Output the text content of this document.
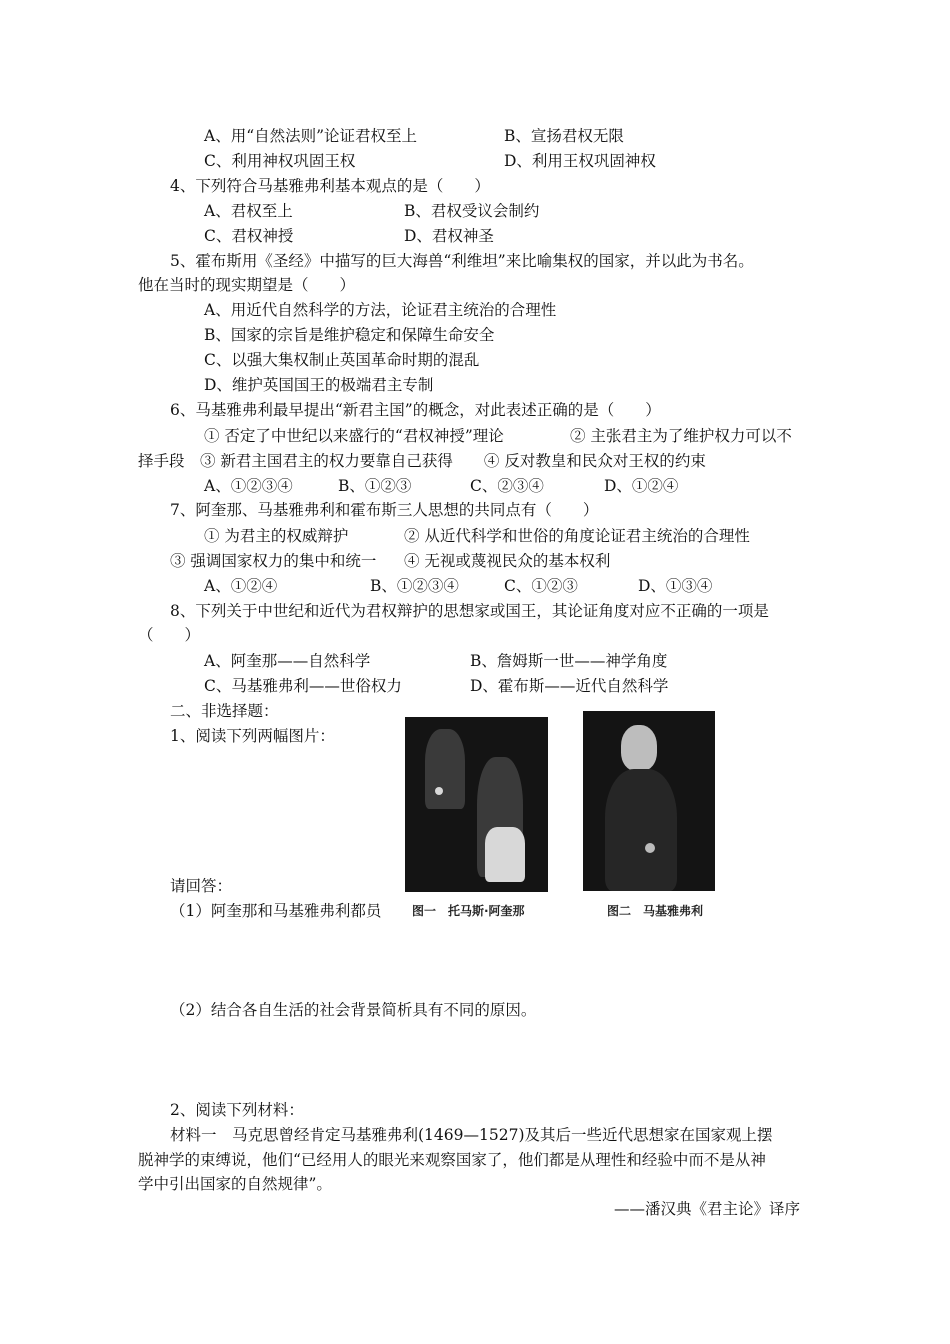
A、用“自然法则”论证君权至上	B、宣扬君权无限
C、利用神权巩固王权	D、利用王权巩固神权
4、下列符合马基雅弗利基本观点的是（　　）
A、君权至上	B、君权受议会制约
C、君权神授	D、君权神圣
5、霍布斯用《圣经》中描写的巨大海兽“利维坦”来比喻集权的国家，并以此为书名。
他在当时的现实期望是（　　）
A、用近代自然科学的方法，论证君主统治的合理性
B、国家的宗旨是维护稳定和保障生命安全
C、以强大集权制止英国革命时期的混乱
D、维护英国国王的极端君主专制
6、马基雅弗利最早提出“新君主国”的概念，对此表述正确的是（　　）
① 否定了中世纪以来盛行的“君权神授”理论	② 主张君主为了维护权力可以不
择手段　③ 新君主国君主的权力要靠自己获得　　④ 反对教皇和民众对王权的约束
A、①②③④	B、①②③	C、②③④	D、①②④
7、阿奎那、马基雅弗利和霍布斯三人思想的共同点有（　　）
① 为君主的权威辩护	② 从近代科学和世俗的角度论证君主统治的合理性
③ 强调国家权力的集中和统一 ④ 无视或蔑视民众的基本权利
A、①②④	B、①②③④	C、①②③	D、①③④
8、下列关于中世纪和近代为君权辩护的思想家或国王，其论证角度对应不正确的一项是
（　　）
A、阿奎那——自然科学	B、詹姆斯一世——神学角度
C、马基雅弗利——世俗权力	D、霍布斯——近代自然科学
二、非选择题：
1、阅读下列两幅图片：
图一　托马斯·阿奎那	图二　马基雅弗利
请回答：
（1）阿奎那和马基雅弗利都员
（2）结合各自生活的社会背景简析具有不同的原因。
2、阅读下列材料：
材料一　马克思曾经肯定马基雅弗利(1469—1527)及其后一些近代思想家在国家观上摆
脱神学的束缚说，他们“已经用人的眼光来观察国家了，他们都是从理性和经验中而不是从神
学中引出国家的自然规律”。
——潘汉典《君主论》译序
